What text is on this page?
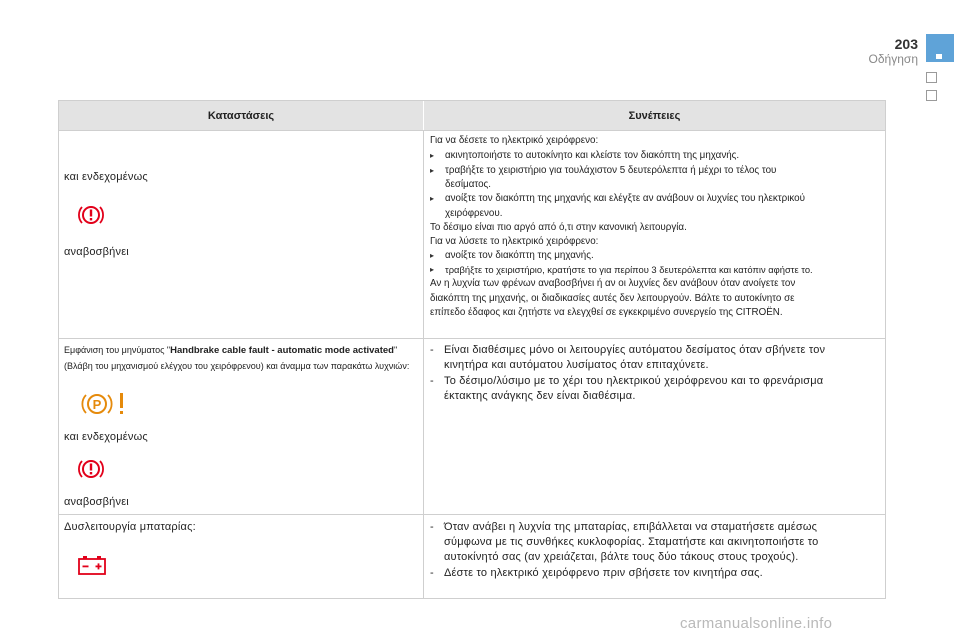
203
Οδήγηση
Καταστάσεις	Συνέπειες
και ενδεχομένως
αναβοσβήνει
Για να δέσετε το ηλεκτρικό χειρόφρενο:
▸ ακινητοποιήστε το αυτοκίνητο και κλείστε τον διακόπτη της μηχανής.
▸ τραβήξτε το χειριστήριο για τουλάχιστον 5 δευτερόλεπτα ή μέχρι το τέλος του
δεσίματος.
▸ ανοίξτε τον διακόπτη της μηχανής και ελέγξτε αν ανάβουν οι λυχνίες του ηλεκτρικού
χειρόφρενου.
Το δέσιμο είναι πιο αργό από ό,τι στην κανονική λειτουργία.
Για να λύσετε το ηλεκτρικό χειρόφρενο:
▸ ανοίξτε τον διακόπτη της μηχανής.
▸ τραβήξτε το χειριστήριο, κρατήστε το για περίπου 3 δευτερόλεπτα και κατόπιν αφήστε το.
Αν η λυχνία των φρένων αναβοσβήνει ή αν οι λυχνίες δεν ανάβουν όταν ανοίγετε τον
διακόπτη της μηχανής, οι διαδικασίες αυτές δεν λειτουργούν. Βάλτε το αυτοκίνητο σε
επίπεδο έδαφος και ζητήστε να ελεγχθεί σε εγκεκριμένο συνεργείο της CITROËN.
Εμφάνιση του μηνύματος "Handbrake cable fault - automatic mode activated"
(Βλάβη του μηχανισμού ελέγχου του χειρόφρενου) και άναμμα των παρακάτω λυχνιών:
P
και ενδεχομένως
αναβοσβήνει
- Είναι διαθέσιμες μόνο οι λειτουργίες αυτόματου δεσίματος όταν σβήνετε τον
κινητήρα και αυτόματου λυσίματος όταν επιταχύνετε.
- Το δέσιμο/λύσιμο με το χέρι του ηλεκτρικού χειρόφρενου και το φρενάρισμα
έκτακτης ανάγκης δεν είναι διαθέσιμα.
Δυσλειτουργία μπαταρίας:	- Όταν ανάβει η λυχνία της μπαταρίας, επιβάλλεται να σταματήσετε αμέσως
σύμφωνα με τις συνθήκες κυκλοφορίας. Σταματήστε και ακινητοποιήστε το
αυτοκίνητό σας (αν χρειάζεται, βάλτε τους δύο τάκους στους τροχούς).
- Δέστε το ηλεκτρικό χειρόφρενο πριν σβήσετε τον κινητήρα σας.
carmanualsonline.info
